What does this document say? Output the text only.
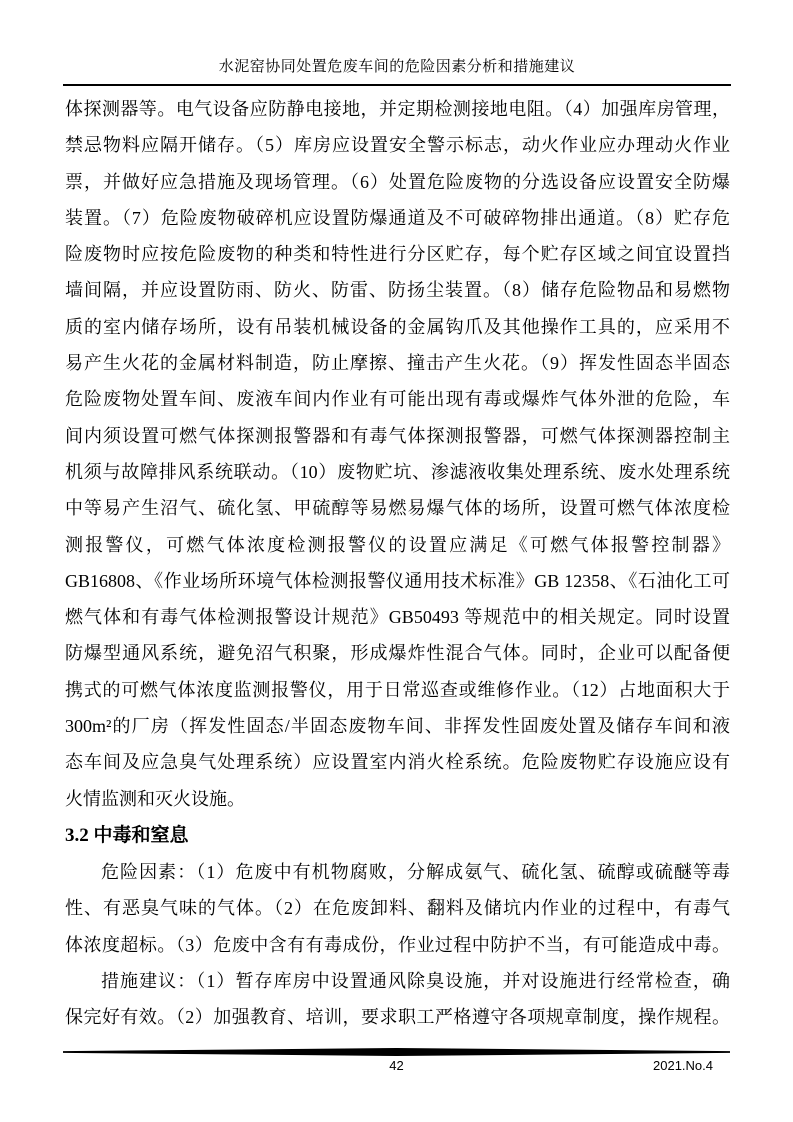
水泥窑协同处置危废车间的危险因素分析和措施建议
体探测器等。电气设备应防静电接地，并定期检测接地电阻。（4）加强库房管理，
禁忌物料应隔开储存。（5）库房应设置安全警示标志，动火作业应办理动火作业
票，并做好应急措施及现场管理。（6）处置危险废物的分选设备应设置安全防爆
装置。（7）危险废物破碎机应设置防爆通道及不可破碎物排出通道。（8）贮存危
险废物时应按危险废物的种类和特性进行分区贮存，每个贮存区域之间宜设置挡
墙间隔，并应设置防雨、防火、防雷、防扬尘装置。（8）储存危险物品和易燃物
质的室内储存场所，设有吊装机械设备的金属钩爪及其他操作工具的，应采用不
易产生火花的金属材料制造，防止摩擦、撞击产生火花。（9）挥发性固态半固态
危险废物处置车间、废液车间内作业有可能出现有毒或爆炸气体外泄的危险，车
间内须设置可燃气体探测报警器和有毒气体探测报警器，可燃气体探测器控制主
机须与故障排风系统联动。（10）废物贮坑、渗滤液收集处理系统、废水处理系统
中等易产生沼气、硫化氢、甲硫醇等易燃易爆气体的场所，设置可燃气体浓度检
测报警仪，可燃气体浓度检测报警仪的设置应满足《可燃气体报警控制器》
GB16808、《作业场所环境气体检测报警仪通用技术标准》GB 12358、《石油化工可
燃气体和有毒气体检测报警设计规范》GB50493 等规范中的相关规定。同时设置
防爆型通风系统，避免沼气积聚，形成爆炸性混合气体。同时，企业可以配备便
携式的可燃气体浓度监测报警仪，用于日常巡查或维修作业。（12）占地面积大于
300m²的厂房（挥发性固态/半固态废物车间、非挥发性固废处置及储存车间和液
态车间及应急臭气处理系统）应设置室内消火栓系统。危险废物贮存设施应设有
火情监测和灭火设施。
3.2 中毒和窒息
危险因素：（1）危废中有机物腐败，分解成氨气、硫化氢、硫醇或硫醚等毒
性、有恶臭气味的气体。（2）在危废卸料、翻料及储坑内作业的过程中，有毒气
体浓度超标。（3）危废中含有有毒成份，作业过程中防护不当，有可能造成中毒。
措施建议：（1）暂存库房中设置通风除臭设施，并对设施进行经常检查，确
保完好有效。（2）加强教育、培训，要求职工严格遵守各项规章制度，操作规程。
42	2021.No.4
